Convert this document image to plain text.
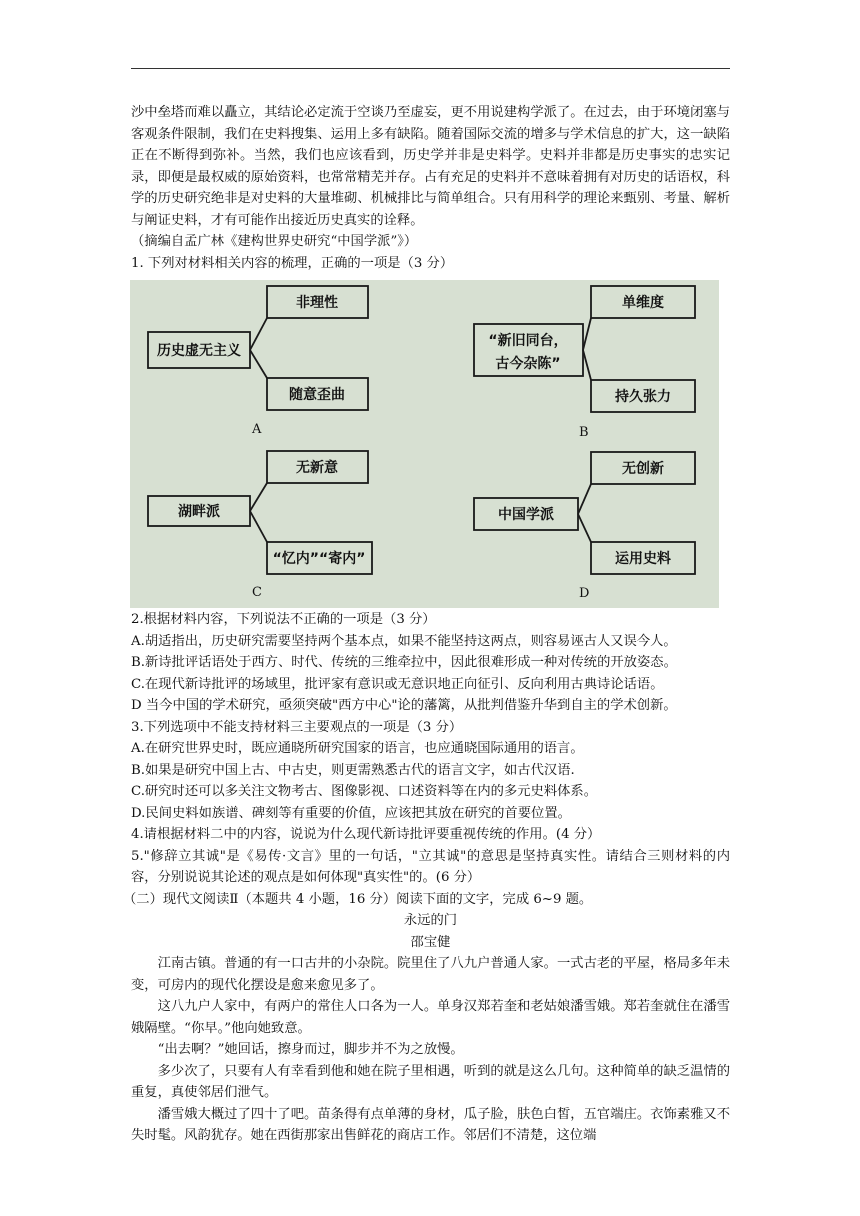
沙中垒塔而难以矗立，其结论必定流于空谈乃至虚妄，更不用说建构学派了。在过去，由于环境闭塞与客观条件限制，我们在史料搜集、运用上多有缺陷。随着国际交流的增多与学术信息的扩大，这一缺陷正在不断得到弥补。当然，我们也应该看到，历史学并非是史料学。史料并非都是历史事实的忠实记录，即便是最权威的原始资料，也常常精芜并存。占有充足的史料并不意味着拥有对历史的话语权，科学的历史研究绝非是对史料的大量堆砌、机械排比与简单组合。只有用科学的理论来甄别、考量、解析与阐证史料，才有可能作出接近历史真实的诠释。

（摘编自孟广林《建构世界史研究“中国学派”》）

1. 下列对材料相关内容的梳理，正确的一项是（3 分）

历史虚无主义
非理性
随意歪曲
A
“新旧同台，
古今杂陈”
单维度
持久张力
B
湖畔派
无新意
“忆内”“寄内”
C
中国学派
无创新
运用史料
D

2.根据材料内容，下列说法不正确的一项是（3 分）

A.胡适指出，历史研究需要坚持两个基本点，如果不能坚持这两点，则容易诬古人又误今人。

B.新诗批评话语处于西方、时代、传统的三维牵拉中，因此很难形成一种对传统的开放姿态。

C.在现代新诗批评的场域里，批评家有意识或无意识地正向征引、反向利用古典诗论话语。

D 当今中国的学术研究，亟须突破"西方中心"论的藩篱，从批判借鉴升华到自主的学术创新。

3.下列选项中不能支持材料三主要观点的一项是（3 分）

A.在研究世界史时，既应通晓所研究国家的语言，也应通晓国际通用的语言。

B.如果是研究中国上古、中古史，则更需熟悉古代的语言文字，如古代汉语.

C.研究时还可以多关注文物考古、图像影视、口述资料等在内的多元史料体系。

D.民间史料如族谱、碑刻等有重要的价值，应该把其放在研究的首要位置。

4.请根据材料二中的内容，说说为什么现代新诗批评要重视传统的作用。(4 分）

5."修辞立其诚"是《易传·文言》里的一句话，"立其诚"的意思是坚持真实性。请结合三则材料的内容，分别说说其论述的观点是如何体现"真实性"的。(6 分）

（二）现代文阅读Ⅱ（本题共 4 小题，16 分）阅读下面的文字，完成 6~9 题。

永远的门

邵宝健

江南古镇。普通的有一口古井的小杂院。院里住了八九户普通人家。一式古老的平屋，格局多年未变，可房内的现代化摆设是愈来愈见多了。

这八九户人家中，有两户的常住人口各为一人。单身汉郑若奎和老姑娘潘雪娥。郑若奎就住在潘雪娥隔壁。“你早。”他向她致意。

“出去啊？”她回话，擦身而过，脚步并不为之放慢。

多少次了，只要有人有幸看到他和她在院子里相遇，听到的就是这么几句。这种简单的缺乏温情的重复，真使邻居们泄气。

潘雪娥大概过了四十了吧。苗条得有点单薄的身材，瓜子脸，肤色白皙，五官端庄。衣饰素雅又不失时髦。风韵犹存。她在西街那家出售鲜花的商店工作。邻居们不清楚，这位端
